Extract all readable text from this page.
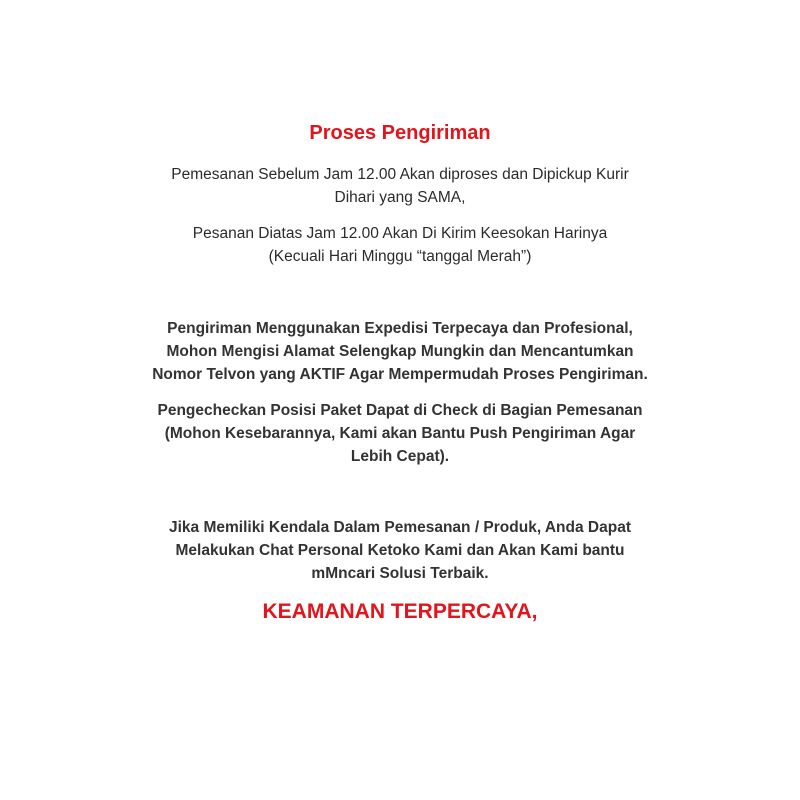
Proses Pengiriman
Pemesanan Sebelum Jam 12.00 Akan diproses dan Dipickup Kurir
Dihari yang SAMA,
Pesanan Diatas Jam 12.00 Akan Di Kirim Keesokan Harinya
(Kecuali Hari Minggu “tanggal Merah”)
Pengiriman Menggunakan Expedisi Terpecaya dan Profesional,
Mohon Mengisi Alamat Selengkap Mungkin dan Mencantumkan
Nomor Telvon yang AKTIF Agar Mempermudah Proses Pengiriman.
Pengecheckan Posisi Paket Dapat di Check di Bagian Pemesanan
(Mohon Kesebarannya, Kami akan Bantu Push Pengiriman Agar
Lebih Cepat).
Jika Memiliki Kendala Dalam Pemesanan / Produk, Anda Dapat
Melakukan Chat Personal Ketoko Kami dan Akan Kami bantu
mMncari Solusi Terbaik.
KEAMANAN TERPERCAYA,
